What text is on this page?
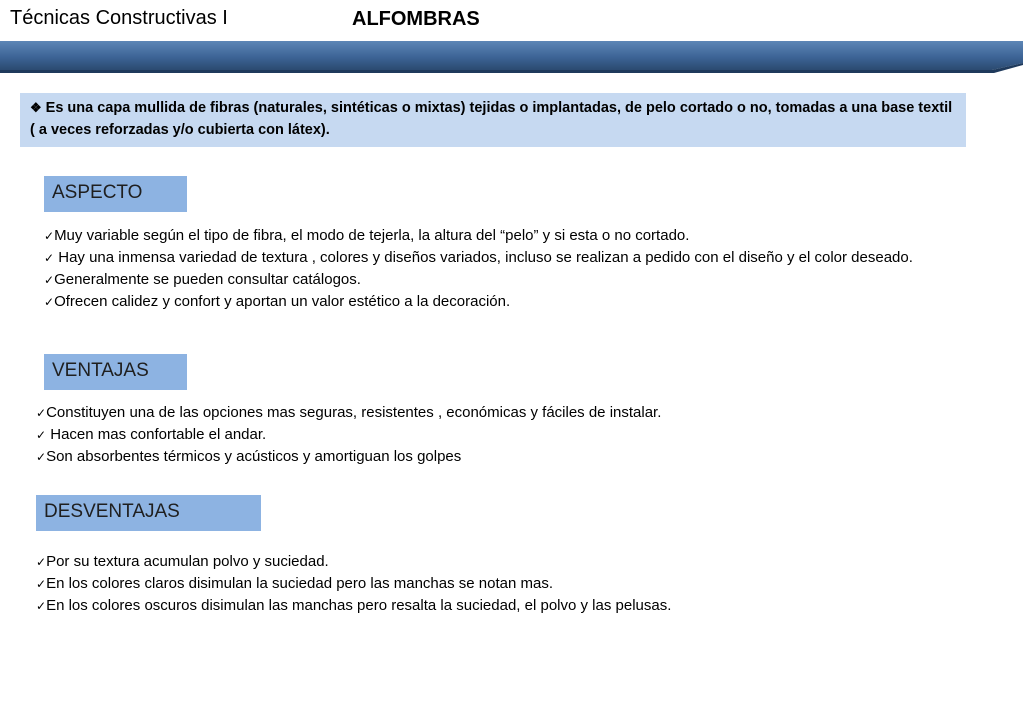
Técnicas Constructivas I	ALFOMBRAS
❖ Es una capa mullida de fibras (naturales, sintéticas o mixtas) tejidas o implantadas, de pelo cortado o no, tomadas a una base textil ( a veces reforzadas y/o cubierta con látex).
ASPECTO
✓Muy variable según el tipo de fibra, el modo de tejerla, la altura del “pelo” y si esta o no cortado.
✓ Hay una inmensa variedad de textura , colores y diseños variados, incluso se realizan a pedido con el diseño y el color deseado.
✓Generalmente se pueden consultar catálogos.
✓Ofrecen calidez y confort y aportan un valor estético a la decoración.
VENTAJAS
✓Constituyen una de las opciones mas seguras, resistentes , económicas y fáciles de instalar.
✓ Hacen mas confortable el andar.
✓Son absorbentes térmicos y acústicos y amortiguan los golpes
DESVENTAJAS
✓Por su textura acumulan polvo y suciedad.
✓En los colores claros disimulan la suciedad pero las manchas se notan mas.
✓En los colores oscuros disimulan las manchas pero resalta la suciedad, el polvo y las pelusas.
